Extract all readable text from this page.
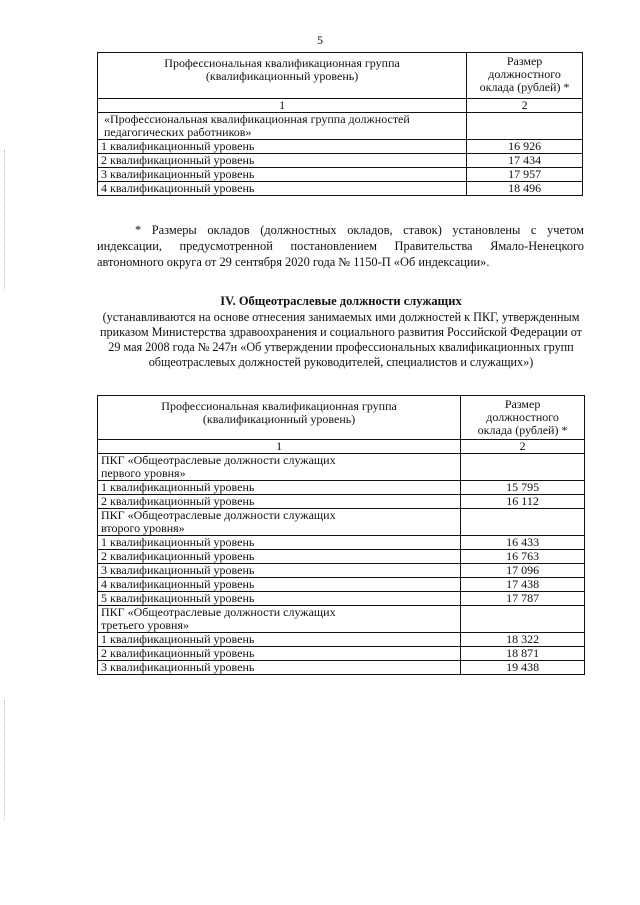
5
Профессиональная квалификационная группа (квалификационный уровень)	Размер должностного оклада (рублей) *
1	2
«Профессиональная квалификационная группа должностей педагогических работников»	
1 квалификационный уровень	16 926
2 квалификационный уровень	17 434
3 квалификационный уровень	17 957
4 квалификационный уровень	18 496
* Размеры окладов (должностных окладов, ставок) установлены с учетом индексации, предусмотренной постановлением Правительства Ямало-Ненецкого автономного округа от 29 сентября 2020 года № 1150-П «Об индексации».
IV. Общеотраслевые должности служащих
(устанавливаются на основе отнесения занимаемых ими должностей к ПКГ, утвержденным приказом Министерства здравоохранения и социального развития Российской Федерации от 29 мая 2008 года № 247н «Об утверждении профессиональных квалификационных групп общеотраслевых должностей руководителей, специалистов и служащих»)
Профессиональная квалификационная группа (квалификационный уровень)	Размер должностного оклада (рублей) *
1	2
ПКГ «Общеотраслевые должности служащих первого уровня»	
1 квалификационный уровень	15 795
2 квалификационный уровень	16 112
ПКГ «Общеотраслевые должности служащих второго уровня»	
1 квалификационный уровень	16 433
2 квалификационный уровень	16 763
3 квалификационный уровень	17 096
4 квалификационный уровень	17 438
5 квалификационный уровень	17 787
ПКГ «Общеотраслевые должности служащих третьего уровня»	
1 квалификационный уровень	18 322
2 квалификационный уровень	18 871
3 квалификационный уровень	19 438
